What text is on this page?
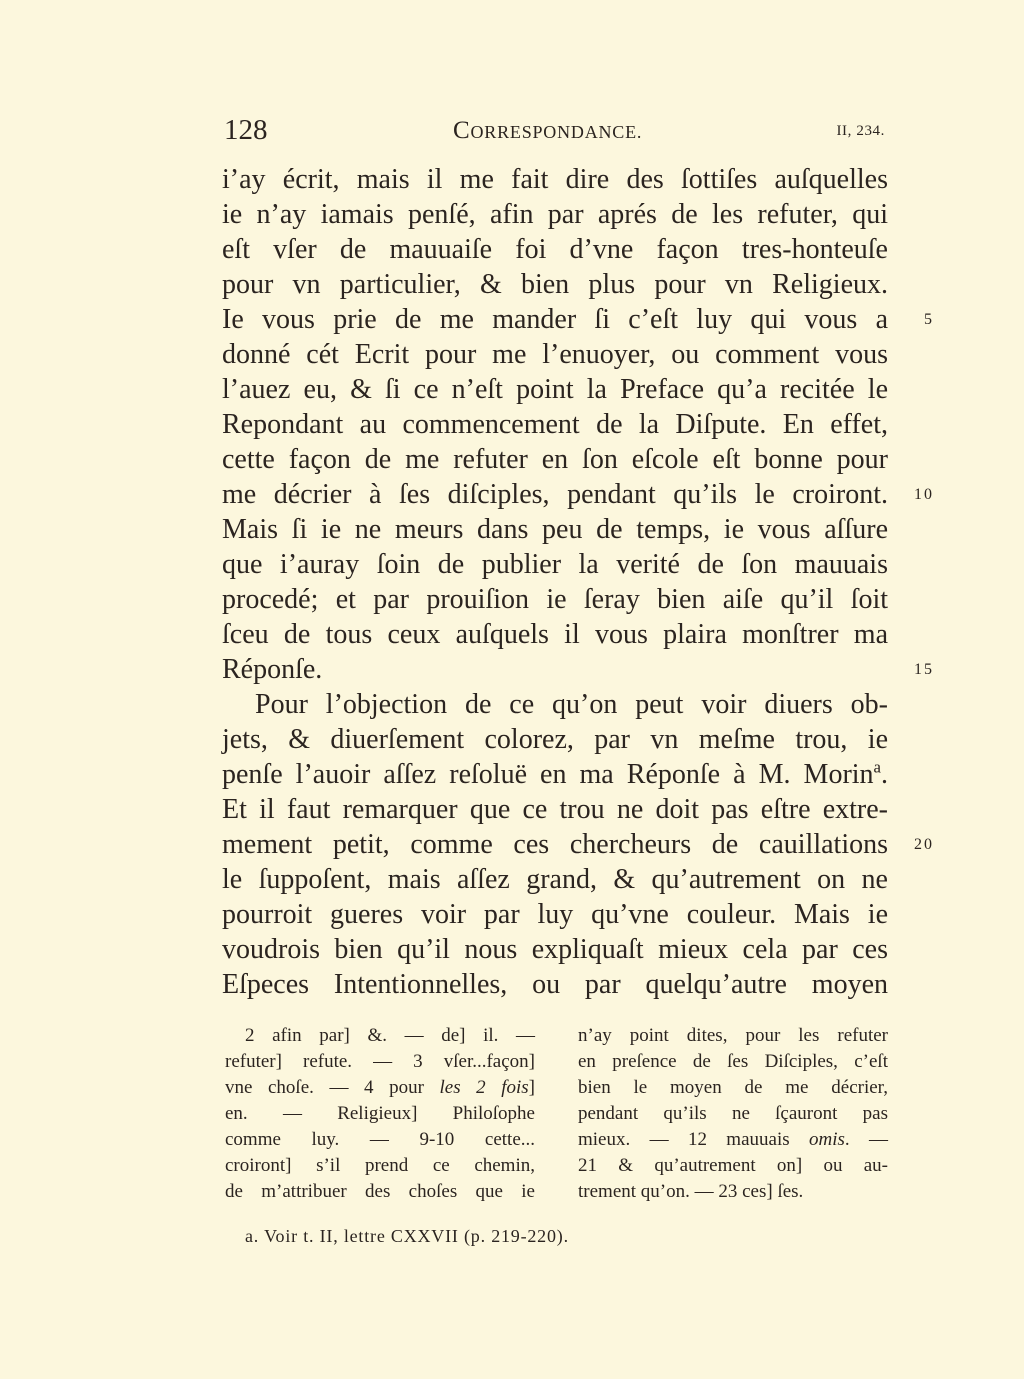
128	CORRESPONDANCE.	II, 234.
i’ay écrit, mais il me fait dire des ſottiſes auſquelles
ie n’ay iamais penſé, afin par aprés de les refuter, qui
eſt vſer de mauuaiſe foi d’vne façon tres-honteuſe
pour vn particulier, & bien plus pour vn Religieux.
Ie vous prie de me mander ſi c’eſt luy qui vous a
donné cét Ecrit pour me l’enuoyer, ou comment vous
l’auez eu, & ſi ce n’eſt point la Preface qu’a recitée le
Repondant au commencement de la Diſpute. En effet,
cette façon de me refuter en ſon eſcole eſt bonne pour
me décrier à ſes diſciples, pendant qu’ils le croiront.
Mais ſi ie ne meurs dans peu de temps, ie vous aſſure
que i’auray ſoin de publier la verité de ſon mauuais
procedé; et par prouiſion ie ſeray bien aiſe qu’il ſoit
ſceu de tous ceux auſquels il vous plaira monſtrer ma
Réponſe.
Pour l’objection de ce qu’on peut voir diuers ob-
jets, & diuerſement colorez, par vn meſme trou, ie
penſe l’auoir aſſez reſoluë en ma Réponſe à M. Morin$^a$.
Et il faut remarquer que ce trou ne doit pas eſtre extre-
mement petit, comme ces chercheurs de cauillations
le ſuppoſent, mais aſſez grand, & qu’autrement on ne
pourroit gueres voir par luy qu’vne couleur. Mais ie
voudrois bien qu’il nous expliquaſt mieux cela par ces
Eſpeces Intentionnelles, ou par quelqu’autre moyen
5
10
15
20
2 afin par] &. — de] il. —
refuter] refute. — 3 vſer...façon]
vne choſe. — 4 pour les 2 fois]
en. — Religieux] Philoſophe
comme luy. — 9-10 cette...
croiront] s’il prend ce chemin,
de m’attribuer des choſes que ie
n’ay point dites, pour les refuter
en preſence de ſes Diſciples, c’eſt
bien le moyen de me décrier,
pendant qu’ils ne ſçauront pas
mieux. — 12 mauuais omis. —
21 & qu’autrement on] ou au-
trement qu’on. — 23 ces] ſes.
a. Voir t. II, lettre CXXVII (p. 219-220).
